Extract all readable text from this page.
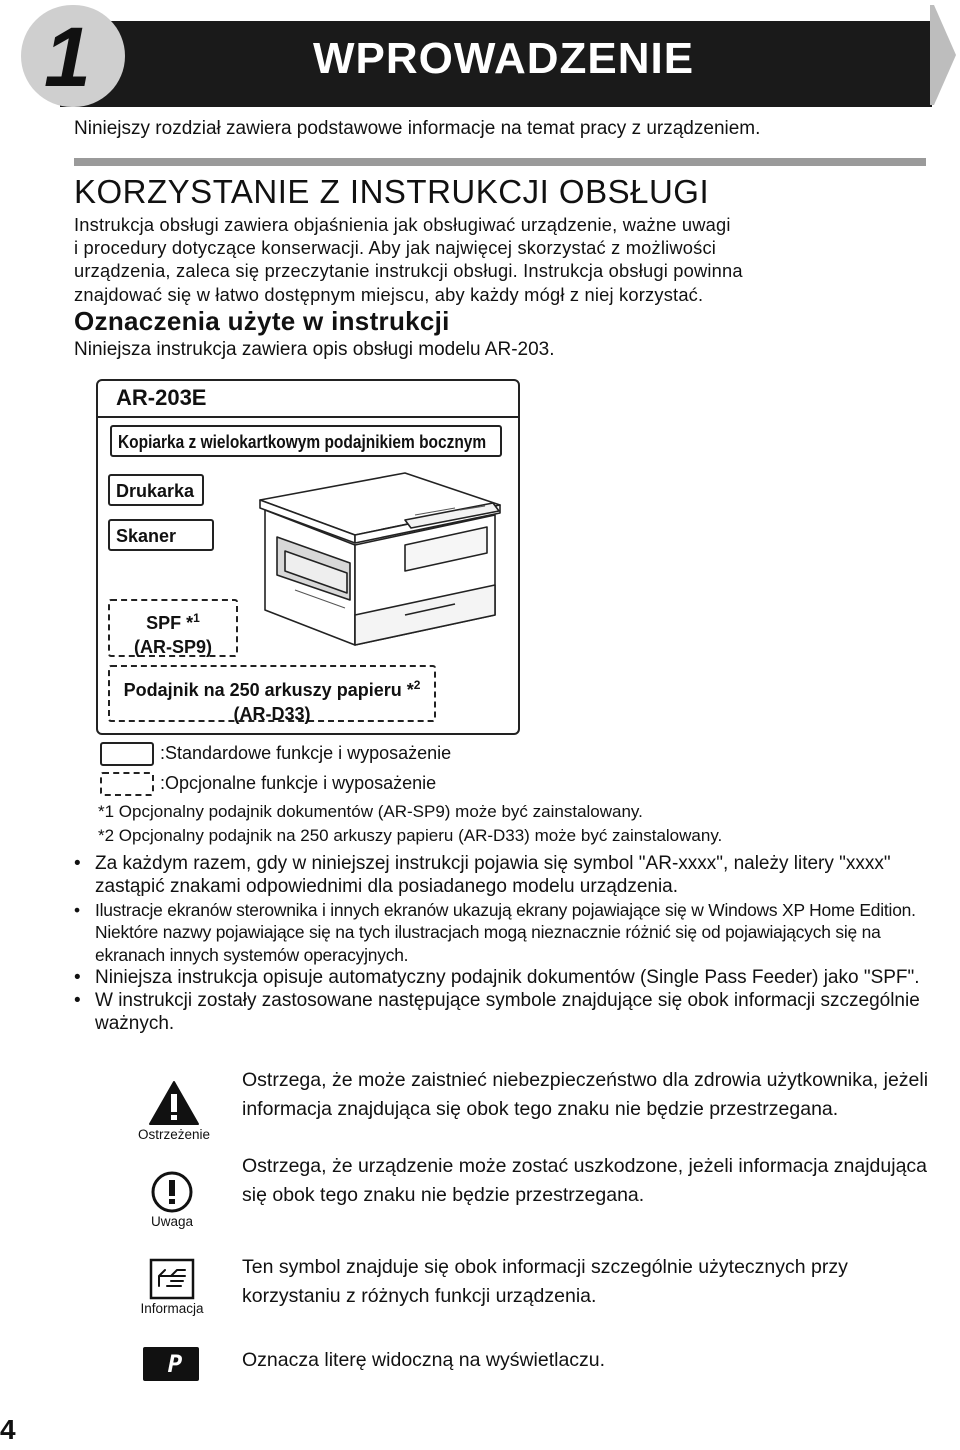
1	WPROWADZENIE
Niniejszy rozdział zawiera podstawowe informacje na temat pracy z urządzeniem.
KORZYSTANIE Z INSTRUKCJI OBSŁUGI
Instrukcja obsługi zawiera objaśnienia jak obsługiwać urządzenie, ważne uwagi
i procedury dotyczące konserwacji. Aby jak najwięcej skorzystać z możliwości
urządzenia, zaleca się przeczytanie instrukcji obsługi. Instrukcja obsługi powinna
znajdować się w łatwo dostępnym miejscu, aby każdy mógł z niej korzystać.
Oznaczenia użyte w instrukcji
Niniejsza instrukcja zawiera opis obsługi modelu AR-203.
AR-203E
Kopiarka z wielokartkowym podajnikiem bocznym
Drukarka
Skaner
SPF *$^1$
(AR-SP9)
Podajnik na 250 arkuszy papieru *$^2$
(AR-D33)
:Standardowe funkcje i wyposażenie
:Opcjonalne funkcje i wyposażenie
*1 Opcjonalny podajnik dokumentów (AR-SP9) może być zainstalowany.
*2 Opcjonalny podajnik na 250 arkuszy papieru (AR-D33) może być zainstalowany.
• Za każdym razem, gdy w niniejszej instrukcji pojawia się symbol "AR-xxxx", należy litery "xxxx" zastąpić znakami odpowiednimi dla posiadanego modelu urządzenia.
• Ilustracje ekranów sterownika i innych ekranów ukazują ekrany pojawiające się w Windows XP Home Edition. Niektóre nazwy pojawiające się na tych ilustracjach mogą nieznacznie różnić się od pojawiających się na ekranach innych systemów operacyjnych.
• Niniejsza instrukcja opisuje automatyczny podajnik dokumentów (Single Pass Feeder) jako "SPF".
• W instrukcji zostały zastosowane następujące symbole znajdujące się obok informacji szczególnie ważnych.
Ostrzeżenie
Ostrzega, że może zaistnieć niebezpieczeństwo dla zdrowia użytkownika, jeżeli informacja znajdująca się obok tego znaku nie będzie przestrzegana.
Uwaga
Ostrzega, że urządzenie może zostać uszkodzone, jeżeli informacja znajdująca się obok tego znaku nie będzie przestrzegana.
Informacja
Ten symbol znajduje się obok informacji szczególnie użytecznych przy korzystaniu z różnych funkcji urządzenia.
P	Oznacza literę widoczną na wyświetlaczu.
4
